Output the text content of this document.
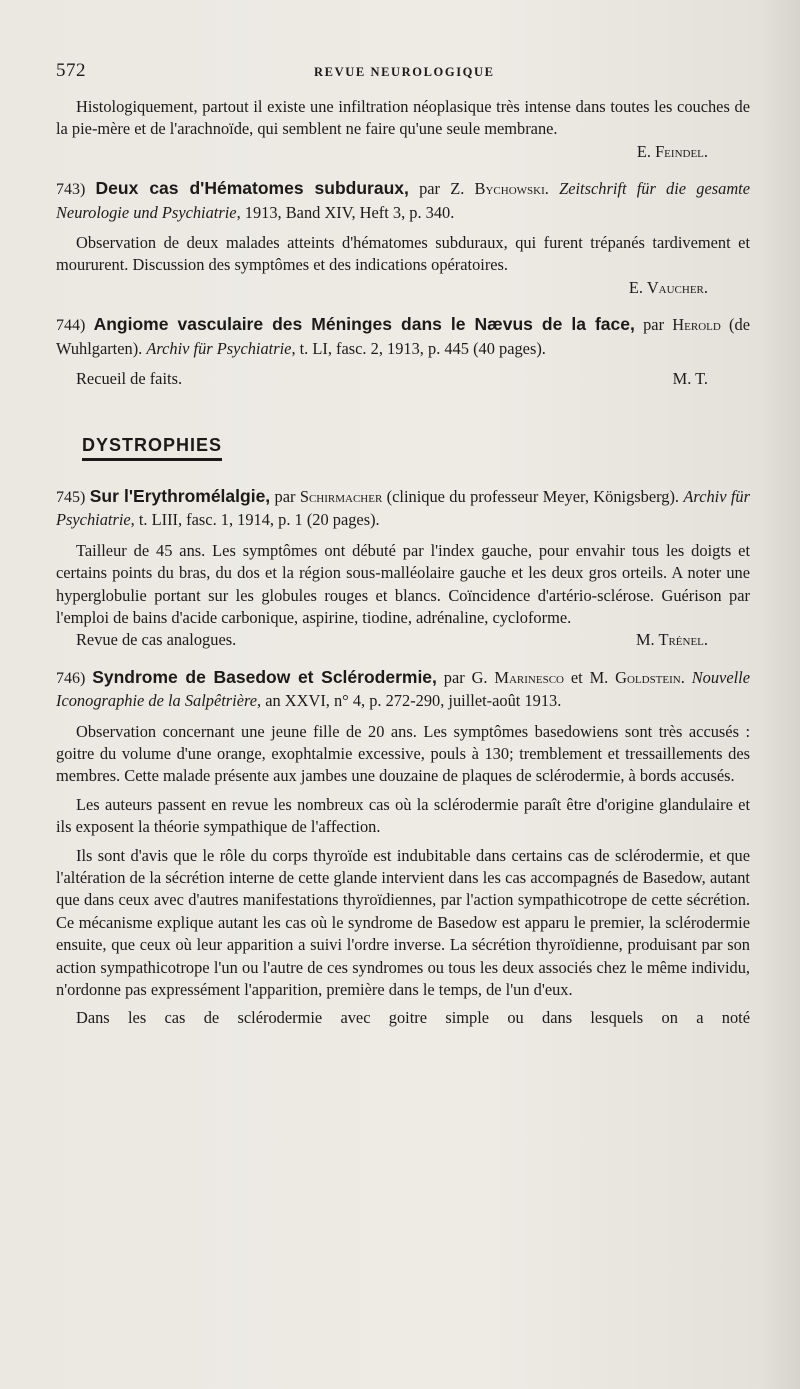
572	REVUE NEUROLOGIQUE

Histologiquement, partout il existe une infiltration néoplasique très intense dans toutes les couches de la pie-mère et de l'arachnoïde, qui semblent ne faire qu'une seule membrane.

E. Feindel.

743) Deux cas d'Hématomes subduraux, par Z. Bychowski. Zeitschrift für die gesamte Neurologie und Psychiatrie, 1913, Band XIV, Heft 3, p. 340.

Observation de deux malades atteints d'hématomes subduraux, qui furent trépanés tardivement et moururent. Discussion des symptômes et des indications opératoires.

E. Vaucher.

744) Angiome vasculaire des Méninges dans le Nævus de la face, par Herold (de Wuhlgarten). Archiv für Psychiatrie, t. LI, fasc. 2, 1913, p. 445 (40 pages).

Recueil de faits.	M. T.
DYSTROPHIES

745) Sur l'Erythromélalgie, par Schirmacher (clinique du professeur Meyer, Königsberg). Archiv für Psychiatrie, t. LIII, fasc. 1, 1914, p. 1 (20 pages).

Tailleur de 45 ans. Les symptômes ont débuté par l'index gauche, pour envahir tous les doigts et certains points du bras, du dos et la région sous-malléolaire gauche et les deux gros orteils. A noter une hyperglobulie portant sur les globules rouges et blancs. Coïncidence d'artério-sclérose. Guérison par l'emploi de bains d'acide carbonique, aspirine, tiodine, adrénaline, cycloforme.

Revue de cas analogues.	M. Trénel.

746) Syndrome de Basedow et Sclérodermie, par G. Marinesco et M. Goldstein. Nouvelle Iconographie de la Salpêtrière, an XXVI, n° 4, p. 272-290, juillet-août 1913.

Observation concernant une jeune fille de 20 ans. Les symptômes basedowiens sont très accusés : goitre du volume d'une orange, exophtalmie excessive, pouls à 130; tremblement et tressaillements des membres. Cette malade présente aux jambes une douzaine de plaques de sclérodermie, à bords accusés.

Les auteurs passent en revue les nombreux cas où la sclérodermie paraît être d'origine glandulaire et ils exposent la théorie sympathique de l'affection.

Ils sont d'avis que le rôle du corps thyroïde est indubitable dans certains cas de sclérodermie, et que l'altération de la sécrétion interne de cette glande intervient dans les cas accompagnés de Basedow, autant que dans ceux avec d'autres manifestations thyroïdiennes, par l'action sympathicotrope de cette sécrétion. Ce mécanisme explique autant les cas où le syndrome de Basedow est apparu le premier, la sclérodermie ensuite, que ceux où leur apparition a suivi l'ordre inverse. La sécrétion thyroïdienne, produisant par son action sympathicotrope l'un ou l'autre de ces syndromes ou tous les deux associés chez le même individu, n'ordonne pas expressément l'apparition, première dans le temps, de l'un d'eux.

Dans les cas de sclérodermie avec goitre simple ou dans lesquels on a noté
